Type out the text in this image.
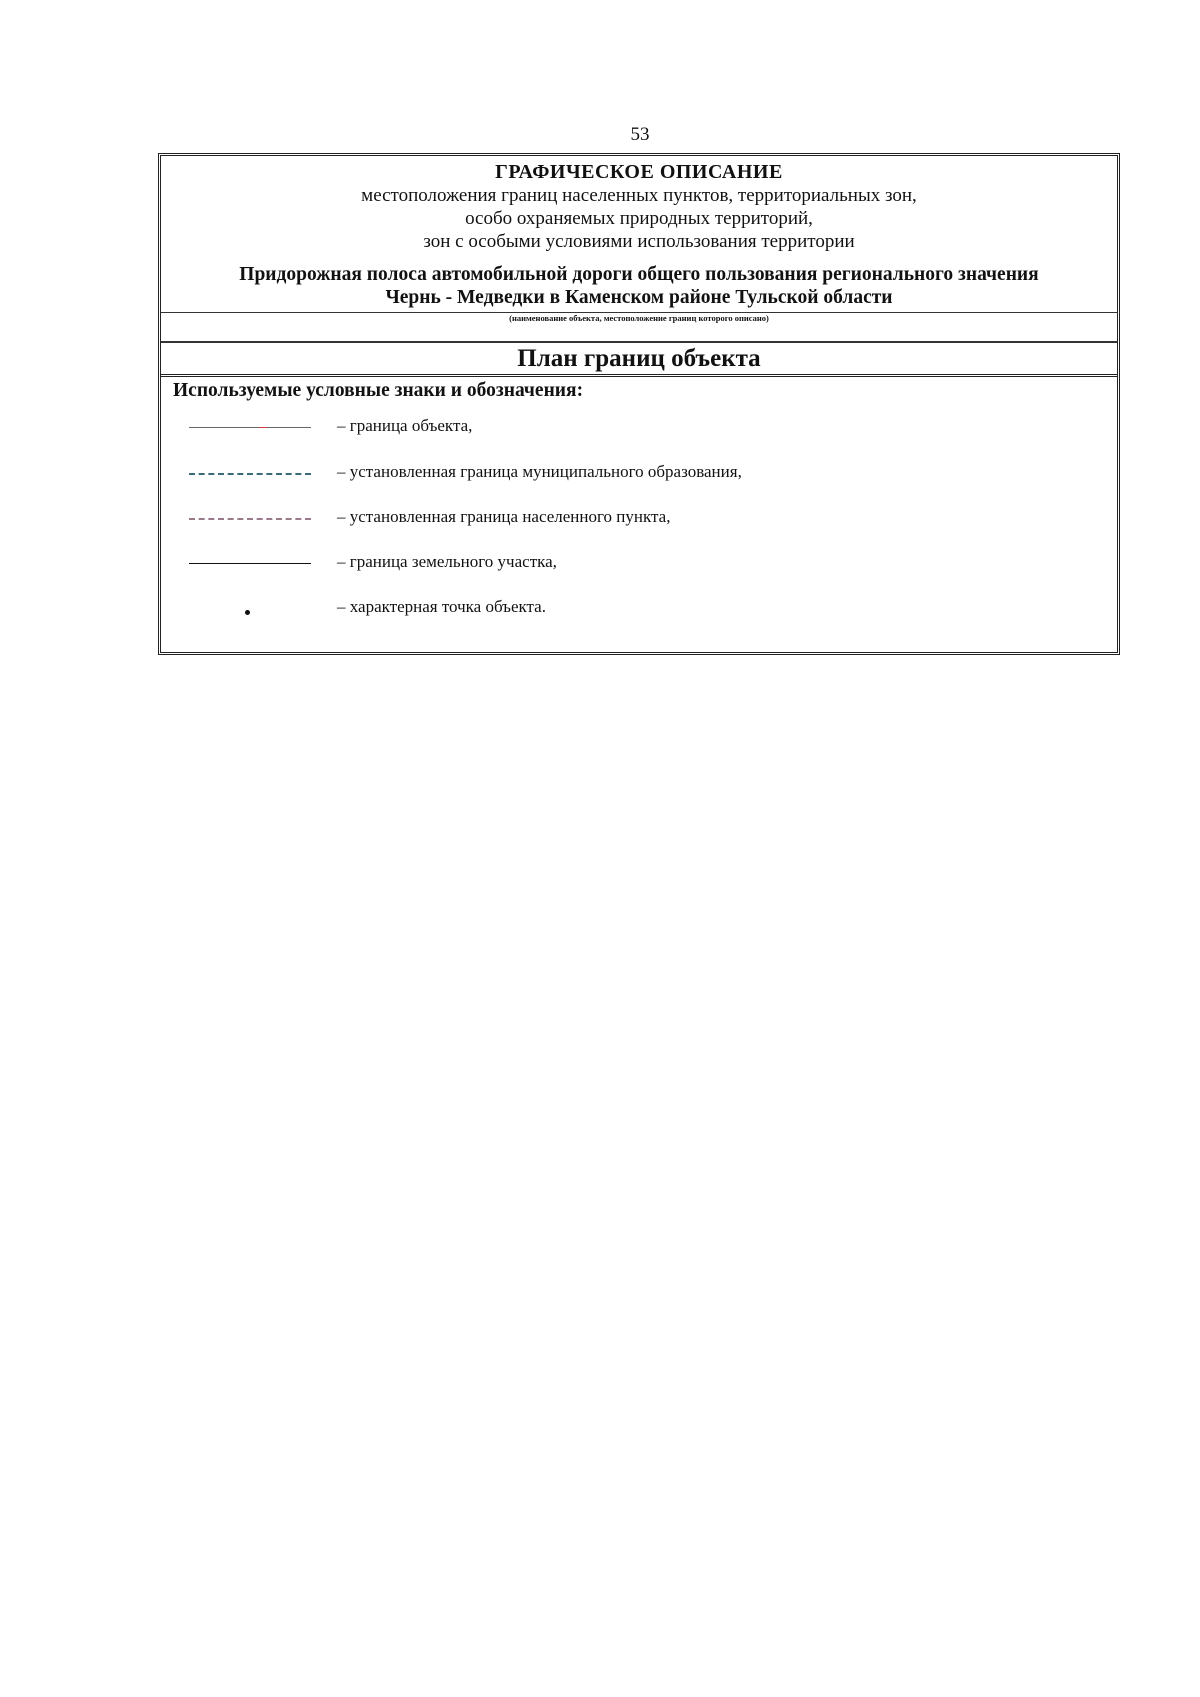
53
ГРАФИЧЕСКОЕ ОПИСАНИЕ
местоположения границ населенных пунктов, территориальных зон,
особо охраняемых природных территорий,
зон с особыми условиями использования территории
Придорожная полоса автомобильной дороги общего пользования регионального значения
Чернь - Медведки в Каменском районе Тульской области
(наименование объекта, местоположение границ которого описано)
План границ объекта
Используемые условные знаки и обозначения:
– граница объекта,
– установленная граница муниципального образования,
– установленная граница населенного пункта,
– граница земельного участка,
– характерная точка объекта.
